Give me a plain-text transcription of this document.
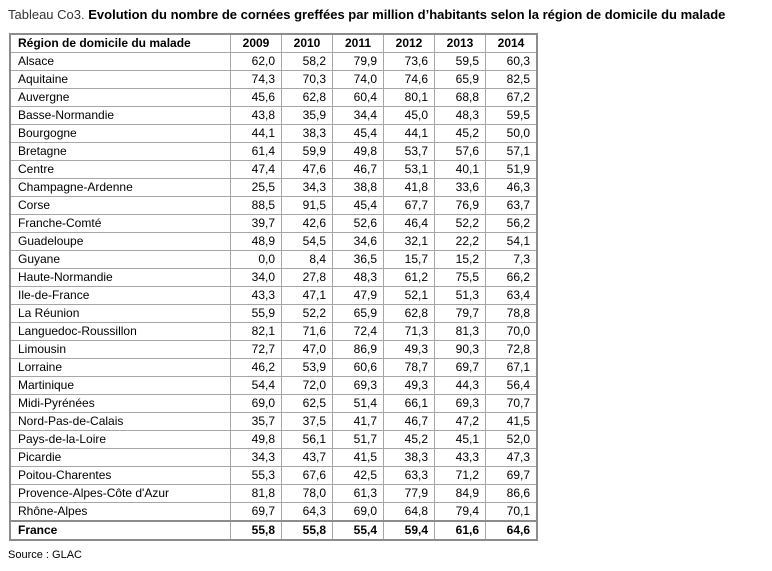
Tableau Co3. Evolution du nombre de cornées greffées par million d’habitants selon la région de domicile du malade
Région de domicile du malade	2009	2010	2011	2012	2013	2014
Alsace	62,0	58,2	79,9	73,6	59,5	60,3
Aquitaine	74,3	70,3	74,0	74,6	65,9	82,5
Auvergne	45,6	62,8	60,4	80,1	68,8	67,2
Basse-Normandie	43,8	35,9	34,4	45,0	48,3	59,5
Bourgogne	44,1	38,3	45,4	44,1	45,2	50,0
Bretagne	61,4	59,9	49,8	53,7	57,6	57,1
Centre	47,4	47,6	46,7	53,1	40,1	51,9
Champagne-Ardenne	25,5	34,3	38,8	41,8	33,6	46,3
Corse	88,5	91,5	45,4	67,7	76,9	63,7
Franche-Comté	39,7	42,6	52,6	46,4	52,2	56,2
Guadeloupe	48,9	54,5	34,6	32,1	22,2	54,1
Guyane	0,0	8,4	36,5	15,7	15,2	7,3
Haute-Normandie	34,0	27,8	48,3	61,2	75,5	66,2
Ile-de-France	43,3	47,1	47,9	52,1	51,3	63,4
La Réunion	55,9	52,2	65,9	62,8	79,7	78,8
Languedoc-Roussillon	82,1	71,6	72,4	71,3	81,3	70,0
Limousin	72,7	47,0	86,9	49,3	90,3	72,8
Lorraine	46,2	53,9	60,6	78,7	69,7	67,1
Martinique	54,4	72,0	69,3	49,3	44,3	56,4
Midi-Pyrénées	69,0	62,5	51,4	66,1	69,3	70,7
Nord-Pas-de-Calais	35,7	37,5	41,7	46,7	47,2	41,5
Pays-de-la-Loire	49,8	56,1	51,7	45,2	45,1	52,0
Picardie	34,3	43,7	41,5	38,3	43,3	47,3
Poitou-Charentes	55,3	67,6	42,5	63,3	71,2	69,7
Provence-Alpes-Côte d'Azur	81,8	78,0	61,3	77,9	84,9	86,6
Rhône-Alpes	69,7	64,3	69,0	64,8	79,4	70,1
France	55,8	55,8	55,4	59,4	61,6	64,6
Source : GLAC
